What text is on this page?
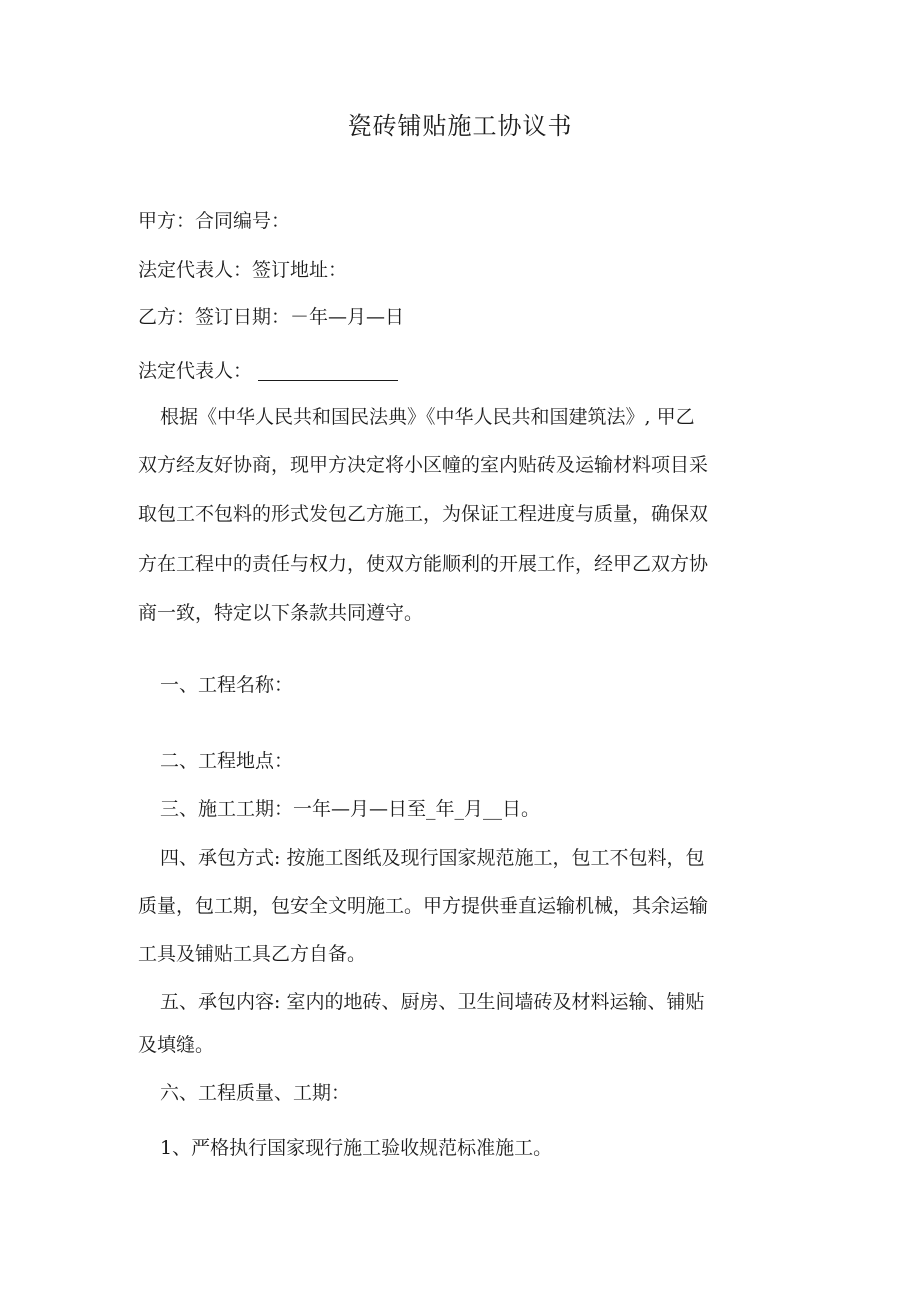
瓷砖铺贴施工协议书

甲方：合同编号：

法定代表人：签订地址：

乙方：签订日期：－年—月—日

法定代表人：

根据《中华人民共和国民法典》《中华人民共和国建筑法》, 甲乙

双方经友好协商，现甲方决定将小区幢的室内贴砖及运输材料项目采

取包工不包料的形式发包乙方施工，为保证工程进度与质量，确保双

方在工程中的责任与权力，使双方能顺利的开展工作，经甲乙双方协

商一致，特定以下条款共同遵守。

一、工程名称：

二、工程地点：

三、施工工期：一年—月—日至_年_月__日。

四、承包方式: 按施工图纸及现行国家规范施工，包工不包料，包

质量，包工期，包安全文明施工。甲方提供垂直运输机械，其余运输

工具及铺贴工具乙方自备。

五、承包内容: 室内的地砖、厨房、卫生间墙砖及材料运输、铺贴

及填缝。

六、工程质量、工期：

1、严格执行国家现行施工验收规范标准施工。
